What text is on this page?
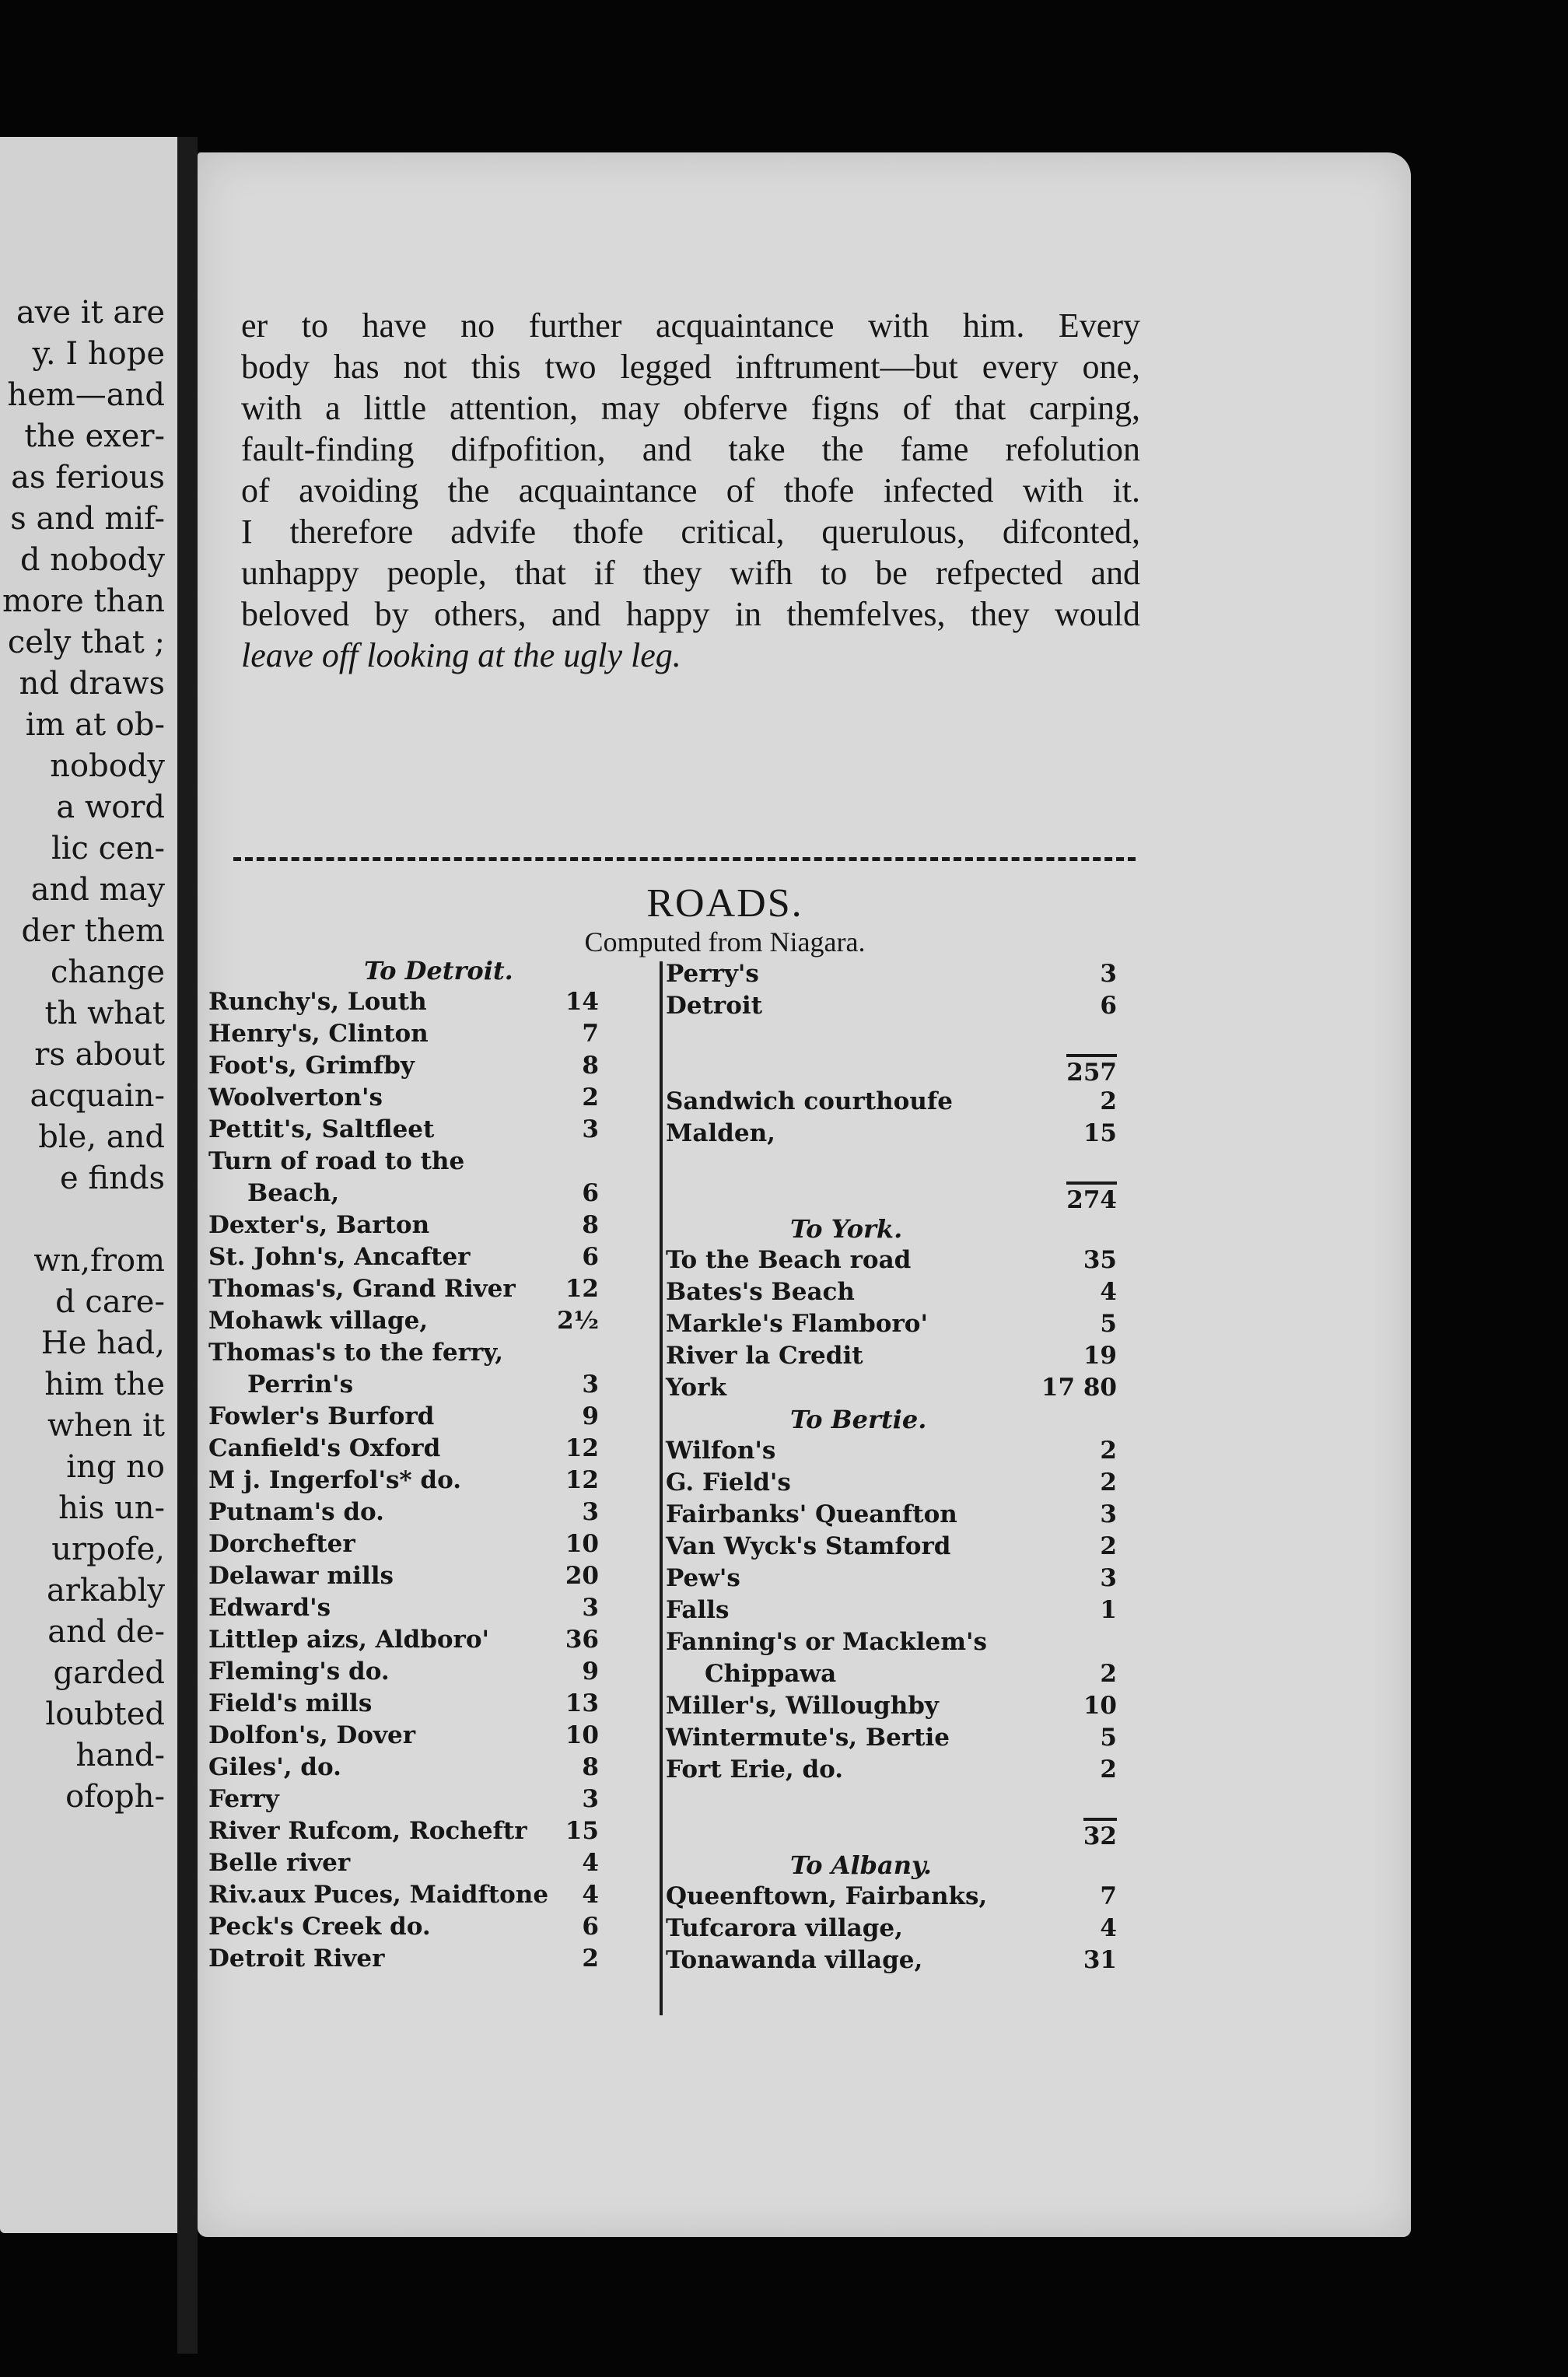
ave it are
y. I hope
hem—and
the exer-
as ferious
s and mif-
d nobody
more than
cely that ;
nd draws
im at ob-
nobody
a word
lic cen-
and may
der them
change
th what
rs about
acquain-
ble, and
e finds
wn,from
d care-
He had,
him the
when it
ing no
his un-
urpofe,
arkably
and de-
garded
loubted
hand-
ofoph-
er to have no further acquaintance with him. Every
body has not this two legged inftrument—but every one,
with a little attention, may obferve figns of that carping,
fault-finding difpofition, and take the fame refolution
of avoiding the acquaintance of thofe infected with it.
I therefore advife thofe critical, querulous, difconted,
unhappy people, that if they wifh to be refpected and
beloved by others, and happy in themfelves, they would
leave off looking at the ugly leg.
ROADS.
Computed from Niagara.
To Detroit.
Runchy's, Louth	14
Henry's, Clinton	7
Foot's, Grimfby	8
Woolverton's	2
Pettit's, Saltfleet	3
Turn of road to the
Beach,	6
Dexter's, Barton	8
St. John's, Ancafter	6
Thomas's, Grand River 12
Mohawk village,	2½
Thomas's to the ferry,
Perrin's	3
Fowler's Burford	9
Canfield's Oxford	12
M j. Ingerfol's* do.	12
Putnam's do.	3
Dorchefter	10
Delawar mills	20
Edward's	3
Littlep aizs, Aldboro'	36
Fleming's do.	9
Field's mills	13
Dolfon's, Dover	10
Giles', do.	8
Ferry	3
River Rufcom, Rocheftr 15
Belle river	4
Riv.aux Puces, Maidftone 4
Peck's Creek do.	6
Detroit River	2
Perry's	3
Detroit	6
257
Sandwich courthoufe	2
Malden,	15
274
To York.
To the Beach road	35
Bates's Beach	4
Markle's Flamboro'	5
River la Credit	19
York	17 80
To Bertie.
Wilfon's	2
G. Field's	2
Fairbanks' Queanfton	3
Van Wyck's Stamford	2
Pew's	3
Falls	1
Fanning's or Macklem's
Chippawa	2
Miller's, Willoughby	10
Wintermute's, Bertie	5
Fort Erie, do.	2
32
To Albany.
Queenftown, Fairbanks,	7
Tufcarora village,	4
Tonawanda village,	31
